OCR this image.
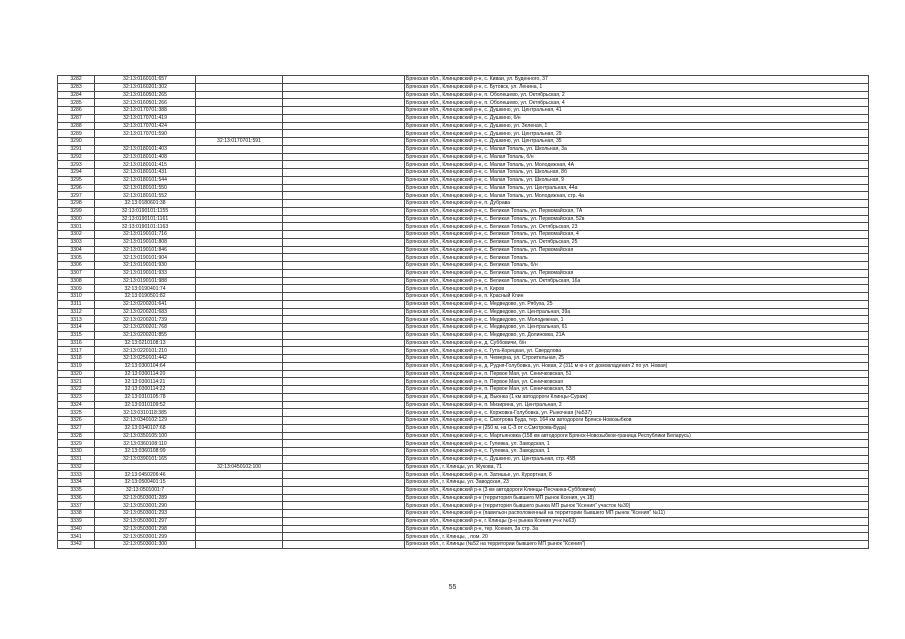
3282	32:13:0160101:657			Брянская обл., Клинцовский р-н, с. Киваи, ул. Буденного, 37
3283	32:13:0160201:302			Брянская обл., Клинцовский р-н, с. Бутовск, ул. Ленина, 1
3284	32:13:0160501:265			Брянская обл., Клинцовский р-н, п. Оболешево, ул. Октябрьская, 2
3285	32:13:0160501:266			Брянская обл., Клинцовский р-н, п. Оболешево, ул. Октябрьская, 4
3286	32:13:0170701:388			Брянская обл., Клинцовский р-н, с. Душкино, ул. Центральная, 41
3287	32:13:0170701:419			Брянская обл., Клинцовский р-н, с. Душкино, б/н
3288	32:13:0170701:424			Брянская обл., Клинцовский р-н, с. Душкино, ул. Зеленая, 1
3289	32:13:0170701:590			Брянская обл., Клинцовский р-н, с. Душкино, ул. Центральная, 29
3290		32:13:0170701:591		Брянская обл., Клинцовский р-н, с. Душкино, ул. Центральная, 35
3291	32:13:0180101:403			Брянская обл., Клинцовский р-н, с. Малая Топаль, ул. Школьная, 3а
3292	32:13:0180101:408			Брянская обл., Клинцовский р-н, с. Малая Топаль, б/н
3293	32:13:0180101:415			Брянская обл., Клинцовский р-н, с. Малая Топаль, ул. Молодежная, 4А
3294	32:13:0180101:431			Брянская обл., Клинцовский р-н, с. Малая Топаль, ул. Школьная, 8б
3295	32:13:0180101:544			Брянская обл., Клинцовский р-н, с. Малая Топаль, ул. Школьная, 9
3296	32:13:0180101:550			Брянская обл., Клинцовский р-н, с. Малая Топаль, ул. Центральная, 44а
3297	32:13:0180101:552			Брянская обл., Клинцовский р-н, с. Малая Топаль, ул. Молодежная, стр. 4а
3298	32:13:0180601:38			Брянская обл., Клинцовский р-н, п. Дубрава
3299	32:13:0190101:1155			Брянская обл., Клинцовский р-н, с. Великая Топаль, ул. Первомайская, 7А
3300	32:13:0190101:1161			Брянская обл., Клинцовский р-н, с. Великая Топаль, ул. Первомайская, 52в
3301	32:13:0190101:1163			Брянская обл., Клинцовский р-н, с. Великая Топаль, ул. Октябрьская, 23
3302	32:13:0190101:716			Брянская обл., Клинцовский р-н, с. Великая Топаль, ул. Первомайская, 4
3303	32:13:0190101:808			Брянская обл., Клинцовский р-н, с. Великая Топаль, ул. Октябрьская, 25
3304	32:13:0190101:846			Брянская обл., Клинцовский р-н, с. Великая Топаль, ул. Первомайская
3305	32:13:0190101:904			Брянская обл., Клинцовский р-н, с. Великая Топаль
3306	32:13:0190101:930			Брянская обл., Клинцовский р-н, с. Великая Топаль, б/н
3307	32:13:0190101:933			Брянская обл., Клинцовский р-н, с. Великая Топаль, ул. Первомайская
3308	32:13:0190101:988			Брянская обл., Клинцовский р-н, с. Великая Топаль, ул. Октябрьская, 16а
3309	32:13:0190401:74			Брянская обл., Клинцовский р-н, п. Киров
3310	32:13:0190501:82			Брянская обл., Клинцовский р-н, п. Красный Клин
3311	32:13:0200201:641			Брянская обл., Клинцовский р-н, с. Медведово, ул. Рябуха, 25
3312	32:13:0200201:683			Брянская обл., Клинцовский р-н, с. Медведово, ул. Центральная, 39а
3313	32:13:0200201:739			Брянская обл., Клинцовский р-н, с. Медведово, ул. Молодежная, 1
3314	32:13:0200201:768			Брянская обл., Клинцовский р-н, с. Медведово, ул. Центральная, 61
3315	32:13:0200201:855			Брянская обл., Клинцовский р-н, с. Медведово, ул. Долиновка, 21А
3316	32:13:0210108:13			Брянская обл., Клинцовский р-н, д. Суббовичи, б/н
3317	32:13:0220101:210			Брянская обл., Клинцовский р-н, с. Гута-Корецкая, ул. Свердлова
3318	32:13:0250101:442			Брянская обл., Клинцовский р-н, п. Чемерна, ул. Строительная, 25
3319	32:13:0300104:64			Брянская обл., Клинцовский р-н, д. Рудня-Голубовка, ул. Новая, 2 (311 м ю-з от домовладения 2 по ул. Новая)
3320	32:13:0300114:20			Брянская обл., Клинцовский р-н, п. Первое Мая, ул. Сеничковская, 51
3321	32:13:0300114:21			Брянская обл., Клинцовский р-н, п. Первое Мая, ул. Сеничковская
3322	32:13:0300114:22			Брянская обл., Клинцовский р-н, п. Первое Мая, ул. Сеничковская, 53
3323	32:13:0310105:78			Брянская обл., Клинцовский р-н, д. Вьюнка (1 км автодороги Клинцы-Сураж)
3324	32:13:0310109:52			Брянская обл., Клинцовский р-н, п. Мизирина, ул. Центральная, 2
3325	32:13:0310118:385			Брянская обл., Клинцовский р-н, с. Коржовка-Голубовка, ул. Рыночная (№537)
3326	32:13:0340102:129			Брянская обл., Клинцовский р-н, с. Смотрова Буда, тер. 164 км автодороги Брянск-Новозыбков
3327	32:13:0340107:68			Брянская обл., Клинцовский р-н (250 м. на С-З от с.Смотрова-Буда)
3328	32:13:0350105:100			Брянская обл., Клинцовский р-н, с. Мартьяновка (158 км автодороги Брянск-Новозыбков-граница Республики Беларусь)
3329	32:13:0360108:110			Брянская обл., Клинцовский р-н, с. Гулевка, ул. Заводская, 1
3330	32:13:0360108:99			Брянская обл., Клинцовский р-н, с. Гулевка, ул. Заводская, 1
3331	32:13:0390101:165			Брянская обл., Клинцовский р-н, с. Душкино, ул. Центральная, стр. 45В
3332		32:13:0450102:100		Брянская обл., г. Клинцы, ул. Жукова, 71
3333	32:13:0450206:46			Брянская обл., Клинцовский р-н, п. Затишье, ул. Курортная, 8
3334	32:13:0500401:15			Брянская обл., г. Клинцы, ул. Заводская, 23
3335	32:13:0501001:7			Брянская обл., Клинцовский р-н (3 км автодороги Клинцы-Песчанка-Суббовичи)
3336	32:13:0503001:289			Брянская обл., Клинцовский р-н (территория бывшего МП рынок Ксения, уч.18)
3337	32:13:0503001:290			Брянская обл., Клинцовский р-н (территория бывшего рынка МП рынок "Ксения" участок №30)
3338	32:13:0503001:293			Брянская обл., Клинцовский р-н (павильон расположенный на территории бывшего МП рынок "Ксения" №11)
3339	32:13:0503001:297			Брянская обл., Клинцовский р-н, г. Клинцы (р-н рынка Ксения уч-к №63)
3340	32:13:0503001:298			Брянская обл., Клинцовский р-н, тер. Ксения, 3а стр. 3а
3341	32:13:0503001:299			Брянская обл., г. Клинцы, , пом. 20
3342	32:13:0503001:300			Брянская обл., г. Клинцы (№52 на территории бывшего МП рынок "Ксения")
55
